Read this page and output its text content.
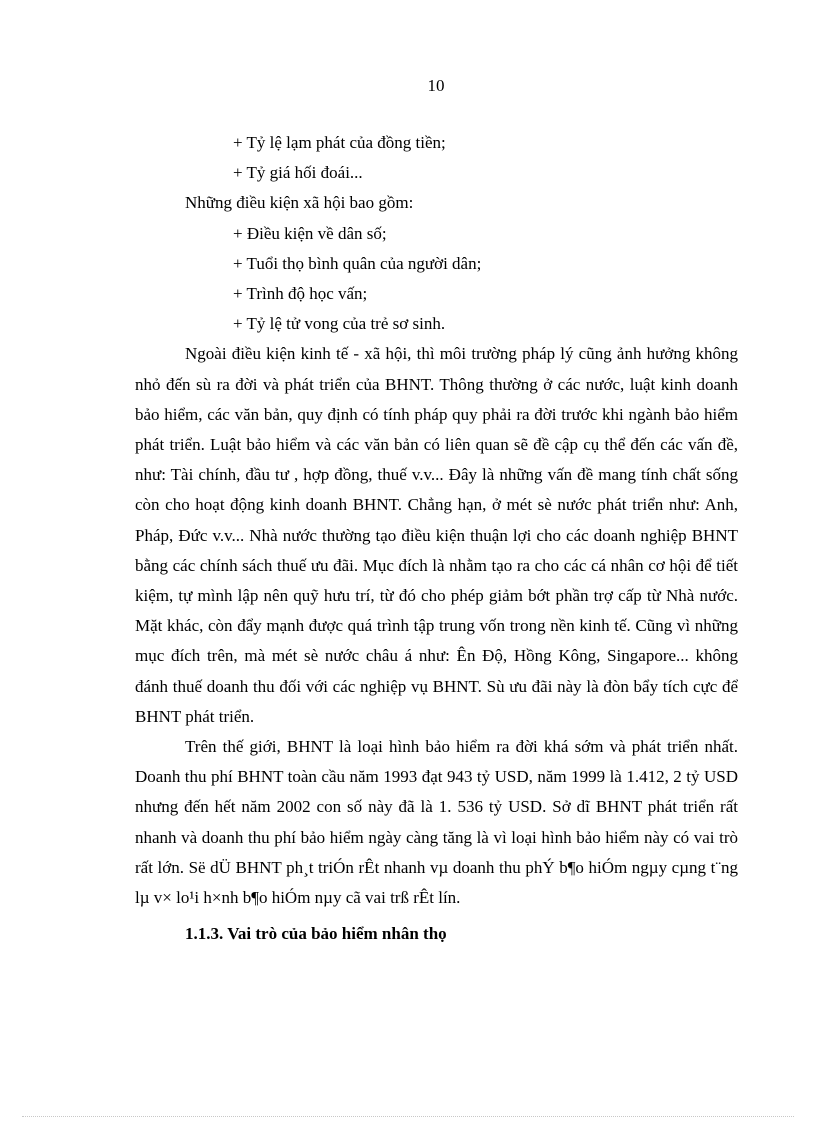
10

+ Tỷ lệ lạm phát của đồng tiền;

+ Tỷ giá hối đoái...

Những điều kiện xã hội bao gồm:

+ Điều kiện về dân số;

+ Tuổi thọ bình quân của người dân;

+ Trình độ học vấn;

+ Tỷ lệ tử vong của trẻ sơ sinh.

Ngoài điều kiện kinh tế - xã hội, thì môi trường pháp lý cũng ảnh hưởng không nhỏ đến sù ra đời và phát triển của BHNT. Thông thường ở các nước, luật kinh doanh bảo hiểm, các văn bản, quy định có tính pháp quy phải ra đời trước khi ngành bảo hiểm phát triển. Luật bảo hiểm và các văn bản có liên quan sẽ đề cập cụ thể đến các vấn đề, như: Tài chính, đầu tư , hợp đồng, thuế v.v... Đây là những vấn đề mang tính chất sống còn cho hoạt động kinh doanh BHNT. Chẳng hạn, ở mét sè nước phát triển như: Anh, Pháp, Đức v.v... Nhà nước thường tạo điều kiện thuận lợi cho các doanh nghiệp BHNT bằng các chính sách thuế ưu đãi. Mục đích là nhằm tạo ra cho các cá nhân cơ hội để tiết kiệm, tự mình lập nên quỹ hưu trí, từ đó cho phép giảm bớt phần trợ cấp từ Nhà nước. Mặt khác, còn đẩy mạnh được quá trình tập trung vốn trong nền kinh tế. Cũng vì những mục đích trên, mà mét sè nước châu á như: Ên Độ, Hồng Kông, Singapore... không đánh thuế doanh thu đối với các nghiệp vụ BHNT. Sù ưu đãi này là đòn bẩy tích cực để BHNT phát triển.

Trên thế giới, BHNT là loại hình bảo hiểm ra đời khá sớm và phát triển nhất. Doanh thu phí BHNT toàn cầu năm 1993 đạt 943 tỷ USD, năm 1999 là 1.412, 2 tỷ USD nhưng đến hết năm 2002 con số này đã là 1. 536 tỷ USD. Sở dĩ BHNT phát triển rất nhanh và doanh thu phí bảo hiểm ngày càng tăng là vì loại hình bảo hiểm này có vai trò rất lớn. Së dÜ BHNT ph¸t triÓn rÊt nhanh vµ doanh thu phÝ b¶o hiÓm ngµy cµng t¨ng lµ v× lo¹i h×nh b¶o hiÓm nµy cã vai trß rÊt lín.

1.1.3. Vai trò của bảo hiểm nhân thọ
